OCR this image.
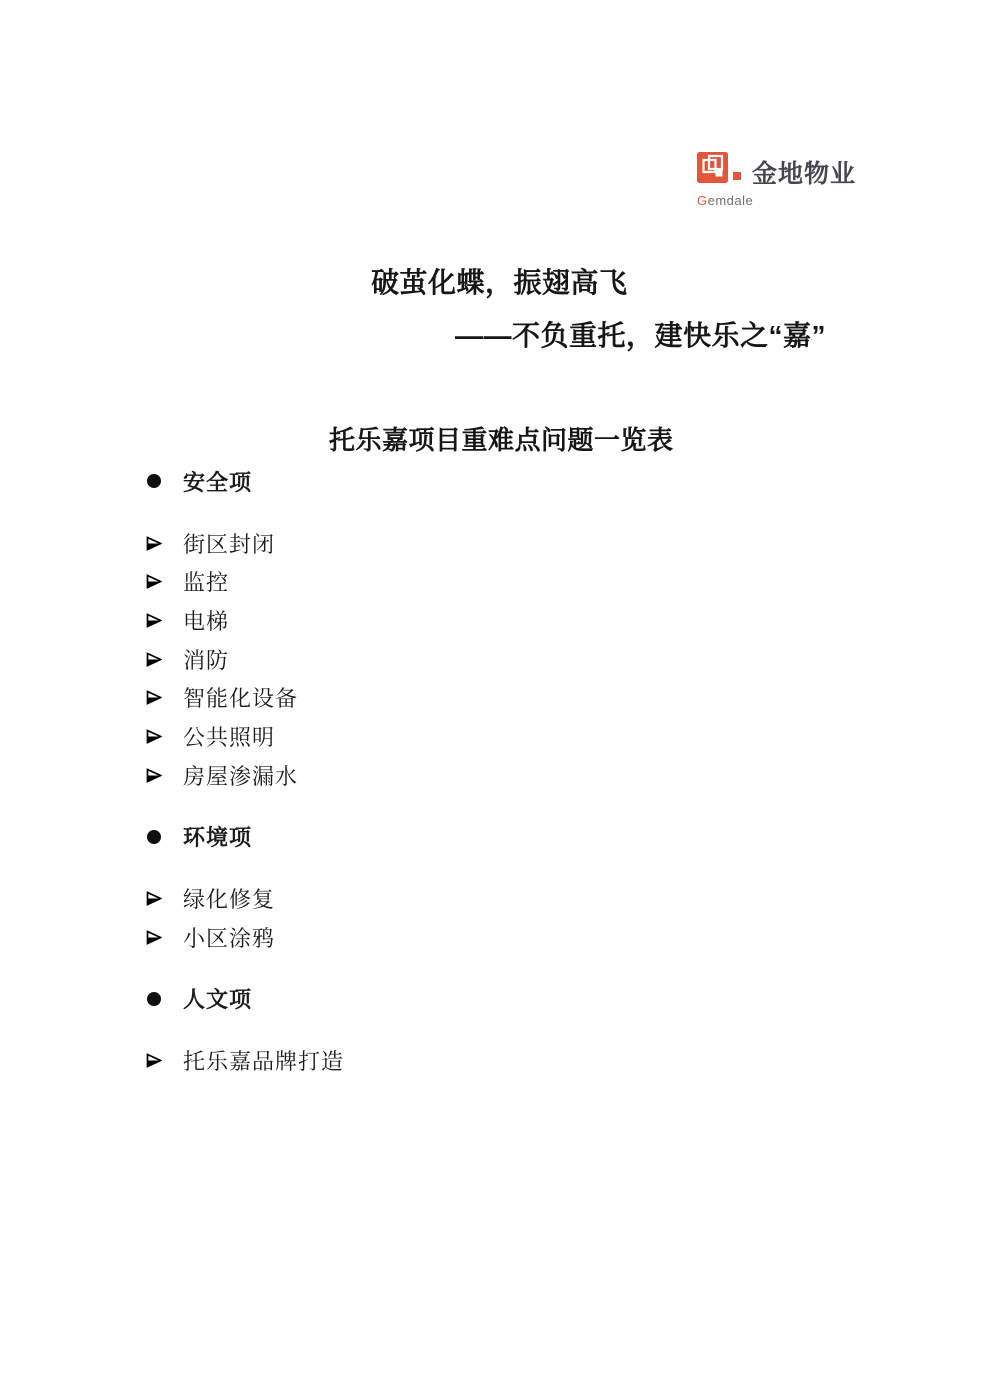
金地物业
Gemdale
破茧化蝶，振翅高飞
——不负重托，建快乐之“嘉”
托乐嘉项目重难点问题一览表
安全项
街区封闭
监控
电梯
消防
智能化设备
公共照明
房屋渗漏水
环境项
绿化修复
小区涂鸦
人文项
托乐嘉品牌打造
